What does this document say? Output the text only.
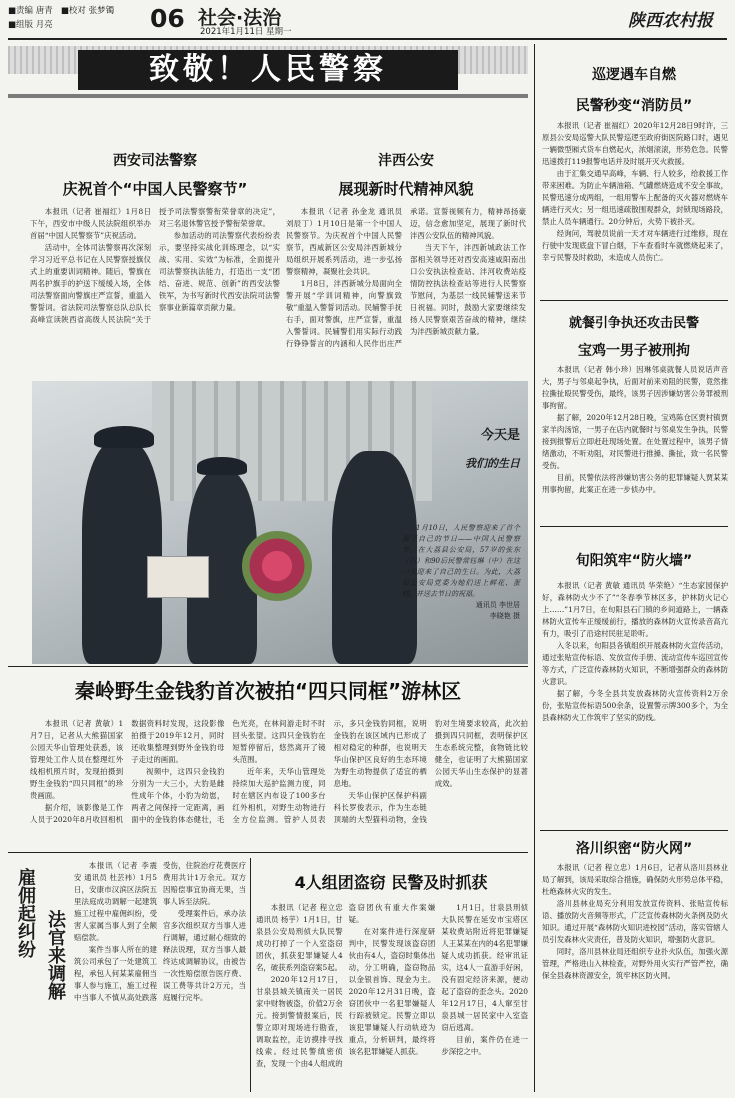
■责编 唐青 ■校对 张梦镯
■组版 月亮	06 社会·法治
2021年1月11日 星期一
陕西农村报
致敬！人民警察
西安司法警察
庆祝首个“中国人民警察节”

本报讯（记者 崔福红）1月8日下午，西安市中级人民法院组织举办首届“中国人民警察节”庆祝活动。

活动中，全体司法警察再次深刻学习习近平总书记在人民警察授旗仪式上的重要训词精神。随后，警旗在两名护旗手的护送下缓缓入场，全体司法警察面向警旗庄严宣誓，重温入警誓词。省法院司法警察总队总队长高峰宣读陕西省高级人民法院“关于授予司法警察警衔荣誉章的决定”，对三名退休警官授予警衔荣誉章。

参加活动的司法警察代表纷纷表示，要坚持实战化训练理念，以“实战、实用、实效”为标准，全面提升司法警察执法能力，打造出一支“团结、奋进、规范、创新”的西安法警铁军，为书写新时代西安法院司法警察事业新篇章贡献力量。

沣西公安
展现新时代精神风貌

本报讯（记者 孙金龙 通讯员 刘辰丁）1月10日是第一个中国人民警察节。为庆祝首个中国人民警察节，西咸新区公安局沣西新城分局组织开展系列活动，进一步弘扬警察精神，凝聚社会共识。

1月8日，沣西新城分局面向全警开展“学训词精神，向警旗致敬”重温入警誓词活动。民辅警手抚右手，面对警旗，庄严宣誓，重温入警誓词。民辅警们用实际行动践行铮铮誓言的内涵和人民作出庄严承诺。宣誓视频有力，精神昂扬豪迈，信念愈加坚定，展现了新时代沣西公安队伍的精神风貌。

当天下午，沣西新城政法工作部相关领导还对西安高速咸阳南出口公安执法检查站、沣河收费站疫情防控执法检查站等进行人民警察节慰问，为基层一线民辅警送来节日祝福。同时，鼓励大家要继续发扬人民警察艰苦奋战的精神，继续为沣西新城贡献力量。

今天是
我们的生日

1月10日，人民警察迎来了首个属于自己的节日——中国人民警察节。在大荔县公安局，57岁的张东（右）和90后民警常钰琳（中）在这一天迎来了自己的生日。为此，大荔县公安局党委为她们送上鲜花、蛋糕，并送去节日的祝福。

通讯员 李世居
李晓艳 摄
秦岭野生金钱豹首次被拍“四只同框”游林区

本报讯（记者 黄敏）1月7日，记者从大熊猫国家公园天华山管理处获悉，该管理处工作人员在整理红外线相机照片时，发现拍摄到野生金钱豹“四只同框”的珍贵画面。

据介绍，该影像是工作人员于2020年8月收回相机数据资料时发现，这段影像拍摄于2019年12月，同时还收集整理到野外金钱豹母子走过的画面。

视频中，这四只金钱豹分别为一大三小，大豹是雌性成年个体，小豹为幼崽，两者之间保持一定距离，画面中的金钱豹体态健壮，毛色光亮，在林间游走时不时回头张望。这四只金钱豹在短暂停留后，悠然离开了镜头范围。

近年来，天华山管理处持续加大巡护监测力度，同时在辖区内布设了100多台红外相机，对野生动物进行全方位监测。管护人员表示，多只金钱豹同框，说明金钱豹在该区域内已形成了相对稳定的种群，也说明天华山保护区良好的生态环境为野生动物提供了适宜的栖息地。

天华山保护区保护科副科长罗俊表示，作为生态链顶端的大型猫科动物，金钱豹对生境要求较高，此次拍摄到四只同框，表明保护区生态系统完整，食物链比较健全，也证明了大熊猫国家公园天华山生态保护的显著成效。

雇佣起纠纷 法官来调解

本报讯（记者 李震安 通讯员 杜芸袆）1月5日，安康市汉滨区法院五里法庭成功调解一起建筑施工过程中雇佣纠纷，受害人家属当事人到了全额赔偿款。

案件当事人所在的建筑公司承包了一处建筑工程，承包人何某某雇佣当事人参与施工，施工过程中当事人不慎从高处跌落受伤，住院治疗花费医疗费用共计1万余元。双方因赔偿事宜协商无果，当事人诉至法院。

受理案件后，承办法官多次组织双方当事人进行调解，通过耐心细致的释法说理，双方当事人最终达成调解协议，由被告一次性赔偿原告医疗费、误工费等共计2万元，当庭履行完毕。

4人组团盗窃 民警及时抓获

本报讯（记者 程立忠 通讯员 杨芋）1月1日，甘泉县公安局刑侦大队民警成功打掉了一个入室盗窃团伙，抓获犯罪嫌疑人4名，破获系列盗窃案5起。

2020年12月17日，甘泉县城关镇南关一居民家中财物被盗，价值2万余元。接到警情报案后，民警立即对现场进行勘查，调取监控，走访摸排寻找线索。经过民警缜密侦查，发现一个由4人组成的盗窃团伙有重大作案嫌疑。

在对案件进行深度研判中，民警发现该盗窃团伙由有4人，盗窃时集体出动，分工明确，盗窃物品以金银首饰、现金为主。2020年12月31日晚，盗窃团伙中一名犯罪嫌疑人行踪被锁定。民警立即以该犯罪嫌疑人行动轨迹为重点，分析研判，最终将该名犯罪嫌疑人抓获。

1月1日，甘泉县刑侦大队民警在延安市宝塔区某收费站附近将犯罪嫌疑人王某某在内的4名犯罪嫌疑人成功抓获。经审讯证实，这4人一直游手好闲，没有固定经济来源，便动起了盗窃的歪念头。2020年12月17日，4人窜至甘泉县城一居民家中入室盗窃后逃离。

目前，案件仍在进一步深挖之中。

巡逻遇车自燃
民警秒变“消防员”

本报讯（记者 崔福红）2020年12月28日9时许，三原县公安局巡警大队民警巡逻至政府街医院路口时，遇见一辆微型厢式货车自燃起火，浓烟滚滚，形势危急。民警迅速拨打119报警电话并及时展开灭火救援。

由于汇集交通早高峰，车辆、行人较多，给救援工作带来困难。为防止车辆油箱、气罐燃烧造成不安全事故，民警迅速分成两组，一组用警车上配备的灭火器对燃烧车辆进行灭火；另一组迅速疏散围观群众，封锁现场路段，禁止人员车辆通行。20分钟后，火势下被扑灭。

经询问，驾驶员说前一天才对车辆进行过维修，现在行驶中发现底盘下冒白烟，下车查看时车就燃烧起来了，幸亏民警及时救助，未造成人员伤亡。

就餐引争执还攻击民警
宝鸡一男子被刑拘

本报讯（记者 韩小珍）因琳邻桌就餐人员说话声音大，男子与邻桌起争执，后面对前来劝阻的民警，竟然推拉撕扯殴民警受伤，最终，该男子因涉嫌妨害公务罪被刑事拘留。

据了解，2020年12月28日晚，宝鸡陈仓区贾村镇贾家羊肉汤馆，一男子在店内就餐时与邻桌发生争执，民警接到报警后立即赶赴现场处置。在处置过程中，该男子情绪激动，不听劝阻，对民警进行推搡、撕扯，致一名民警受伤。

目前，民警依法将涉嫌妨害公务的犯罪嫌疑人贾某某刑事拘留，此案正在进一步侦办中。

旬阳筑牢“防火墙”

本报讯（记者 黄敏 通讯员 华荣艳）“生态家园保护好，森林防火少不了”“冬春季节林区多，护林防火记心上……”1月7日，在旬阳县石门镇的乡间道路上，一辆森林防火宣传车正缓缓前行，播放的森林防火宣传录音高亢有力，吸引了沿途村民驻足聆听。

入冬以来，旬阳县各镇组织开展森林防火宣传活动，通过张贴宣传标语、发放宣传手册、流动宣传车巡回宣传等方式，广泛宣传森林防火知识，不断增强群众的森林防火意识。

据了解，今冬全县共发放森林防火宣传资料2万余份，张贴宣传标语500余条，设置警示牌300多个，为全县森林防火工作筑牢了坚实的防线。

洛川织密“防火网”

本报讯（记者 程立忠）1月6日，记者从洛川县林业局了解到，该局采取综合措施，确保防火形势总体平稳，杜绝森林火灾的发生。

洛川县林业局充分利用发放宣传资料、张贴宣传标语、播放防火音频等形式，广泛宣传森林防火条例及防火知识。通过开展“森林防火知识进校园”活动，落实管辖人员引发森林火灾责任，普及防火知识，增强防火意识。

同时，洛川县林业局还组织专业扑火队伍，加强火源管理，严格进山入林检查，对野外用火实行严管严控，确保全县森林资源安全，筑牢林区防火网。
